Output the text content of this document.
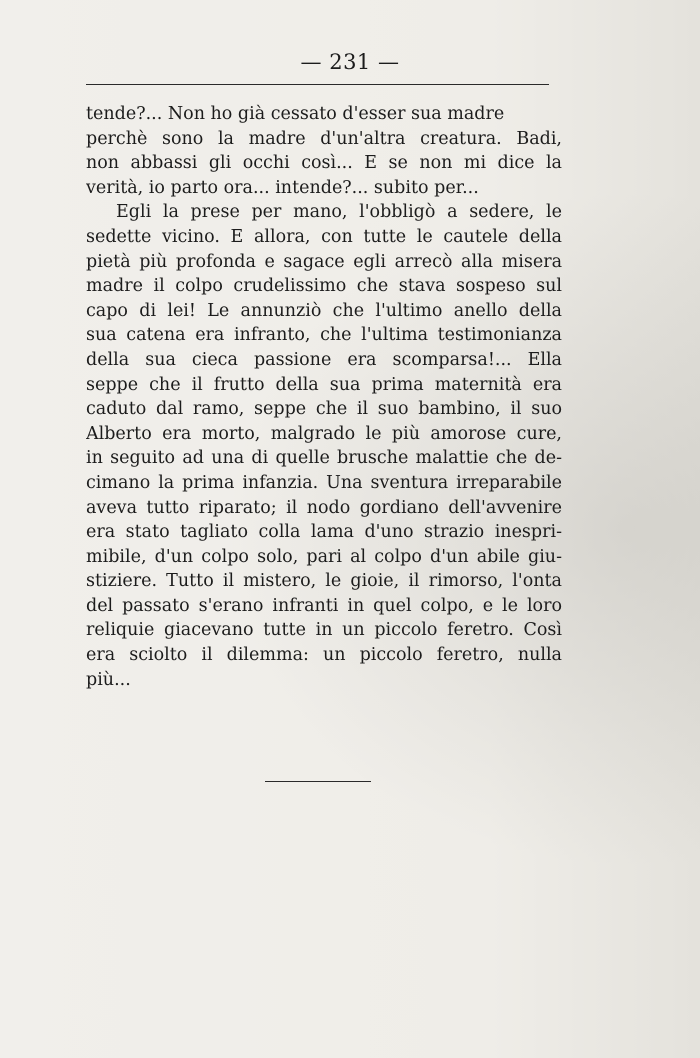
— 231 —
tende?... Non ho già cessato d'esser sua madre
perchè sono la madre d'un'altra creatura. Badi,
non abbassi gli occhi così... E se non mi dice la
verità, io parto ora... intende?... subito per...
Egli la prese per mano, l'obbligò a sedere, le
sedette vicino. E allora, con tutte le cautele della
pietà più profonda e sagace egli arrecò alla misera
madre il colpo crudelissimo che stava sospeso sul
capo di lei! Le annunziò che l'ultimo anello della
sua catena era infranto, che l'ultima testimonianza
della sua cieca passione era scomparsa!... Ella
seppe che il frutto della sua prima maternità era
caduto dal ramo, seppe che il suo bambino, il suo
Alberto era morto, malgrado le più amorose cure,
in seguito ad una di quelle brusche malattie che de-
cimano la prima infanzia. Una sventura irreparabile
aveva tutto riparato; il nodo gordiano dell'avvenire
era stato tagliato colla lama d'uno strazio inespri-
mibile, d'un colpo solo, pari al colpo d'un abile giu-
stiziere. Tutto il mistero, le gioie, il rimorso, l'onta
del passato s'erano infranti in quel colpo, e le loro
reliquie giacevano tutte in un piccolo feretro. Così
era sciolto il dilemma: un piccolo feretro, nulla
più...
